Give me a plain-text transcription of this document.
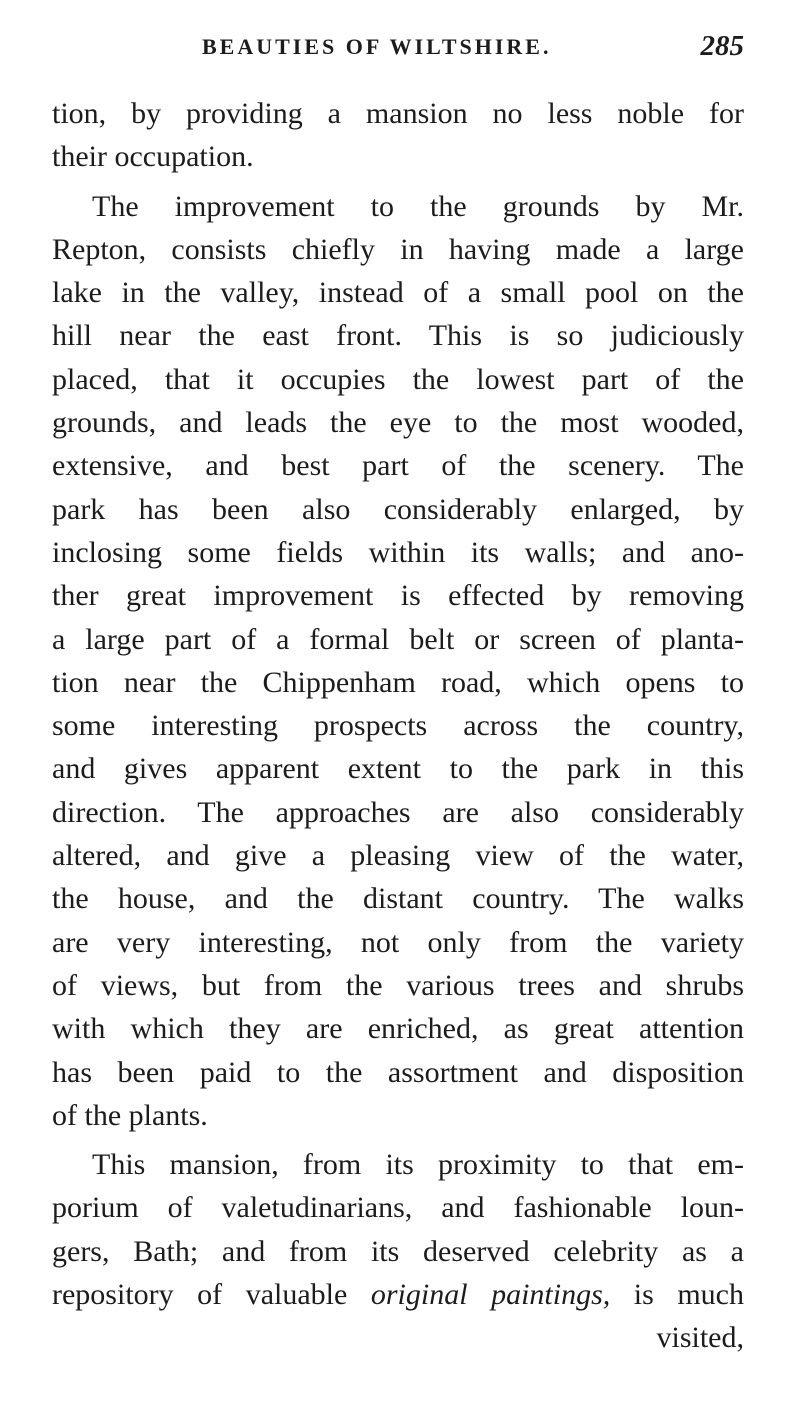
BEAUTIES OF WILTSHIRE.	285
tion, by providing a mansion no less noble for
their occupation.
The improvement to the grounds by Mr.
Repton, consists chiefly in having made a large
lake in the valley, instead of a small pool on the
hill near the east front. This is so judiciously
placed, that it occupies the lowest part of the
grounds, and leads the eye to the most wooded,
extensive, and best part of the scenery. The
park has been also considerably enlarged, by
inclosing some fields within its walls; and ano-
ther great improvement is effected by removing
a large part of a formal belt or screen of planta-
tion near the Chippenham road, which opens to
some interesting prospects across the country,
and gives apparent extent to the park in this
direction. The approaches are also considerably
altered, and give a pleasing view of the water,
the house, and the distant country. The walks
are very interesting, not only from the variety
of views, but from the various trees and shrubs
with which they are enriched, as great attention
has been paid to the assortment and disposition
of the plants.
This mansion, from its proximity to that em-
porium of valetudinarians, and fashionable loun-
gers, Bath; and from its deserved celebrity as a
repository of valuable original paintings, is much
visited,
